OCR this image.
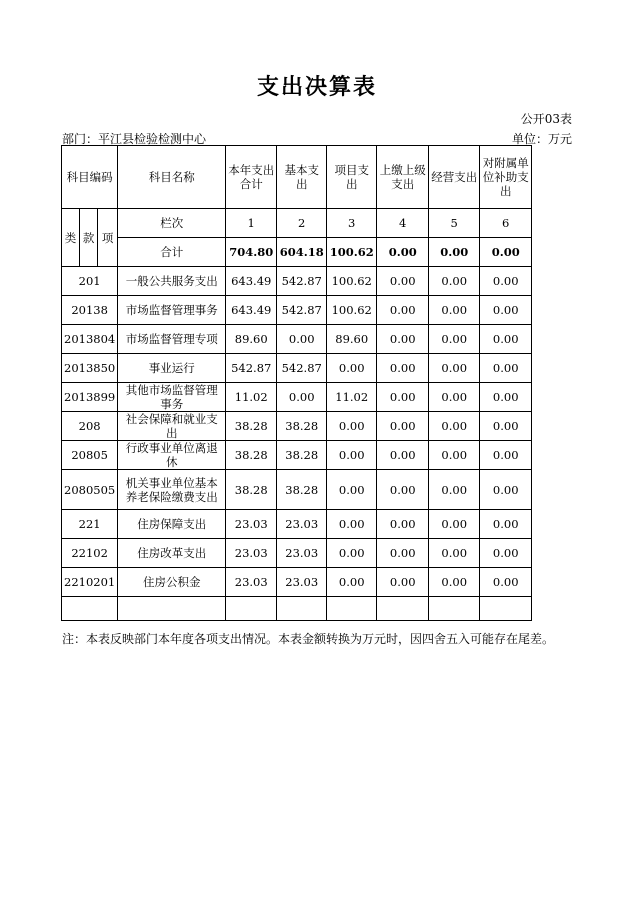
支出决算表
公开03表
部门：平江县检验检测中心	单位：万元
科目编码			科目名称	本年支出合计	基本支出	项目支出	上缴上级支出	经营支出	对附属单位补助支出
类	款	项	栏次	1	2	3	4	5	6
			合计	704.80	604.18	100.62	0.00	0.00	0.00
201			一般公共服务支出	643.49	542.87	100.62	0.00	0.00	0.00
20138			市场监督管理事务	643.49	542.87	100.62	0.00	0.00	0.00
2013804			市场监督管理专项	89.60	0.00	89.60	0.00	0.00	0.00
2013850			事业运行	542.87	542.87	0.00	0.00	0.00	0.00
2013899			其他市场监督管理事务	11.02	0.00	11.02	0.00	0.00	0.00
208			社会保障和就业支出	38.28	38.28	0.00	0.00	0.00	0.00
20805			行政事业单位离退休	38.28	38.28	0.00	0.00	0.00	0.00
2080505			机关事业单位基本养老保险缴费支出	38.28	38.28	0.00	0.00	0.00	0.00
221			住房保障支出	23.03	23.03	0.00	0.00	0.00	0.00
22102			住房改革支出	23.03	23.03	0.00	0.00	0.00	0.00
2210201			住房公积金	23.03	23.03	0.00	0.00	0.00	0.00

注：本表反映部门本年度各项支出情况。本表金额转换为万元时，因四舍五入可能存在尾差。
